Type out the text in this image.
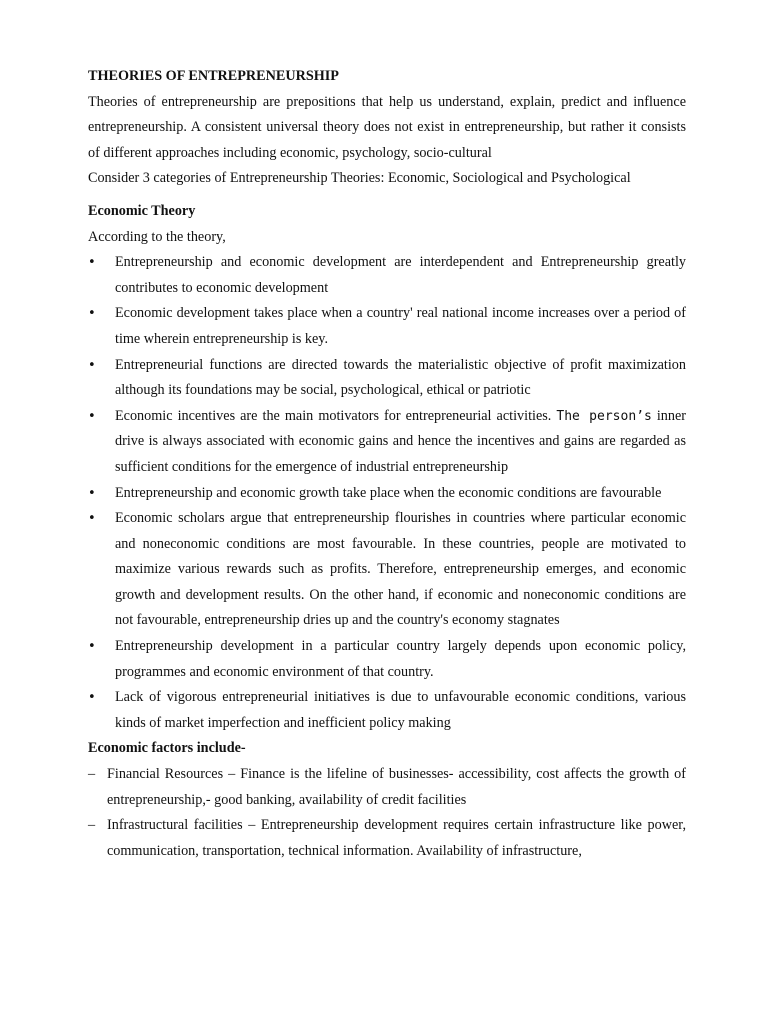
THEORIES OF ENTREPRENEURSHIP
Theories of entrepreneurship are prepositions that help us understand, explain, predict and influence entrepreneurship. A consistent universal theory does not exist in entrepreneurship, but rather it consists of different approaches including economic, psychology, socio-cultural
Consider 3 categories of Entrepreneurship Theories: Economic, Sociological and Psychological
Economic Theory
According to the theory,
• Entrepreneurship and economic development are interdependent and Entrepreneurship greatly contributes to economic development
• Economic development takes place when a country' real national income increases over a period of time wherein entrepreneurship is key.
• Entrepreneurial functions are directed towards the materialistic objective of profit maximization although its foundations may be social, psychological, ethical or patriotic
• Economic incentives are the main motivators for entrepreneurial activities. The person’s inner drive is always associated with economic gains and hence the incentives and gains are regarded as sufficient conditions for the emergence of industrial entrepreneurship
• Entrepreneurship and economic growth take place when the economic conditions are favourable
• Economic scholars argue that entrepreneurship flourishes in countries where particular economic and noneconomic conditions are most favourable. In these countries, people are motivated to maximize various rewards such as profits. Therefore, entrepreneurship emerges, and economic growth and development results. On the other hand, if economic and noneconomic conditions are not favourable, entrepreneurship dries up and the country's economy stagnates
• Entrepreneurship development in a particular country largely depends upon economic policy, programmes and economic environment of that country.
• Lack of vigorous entrepreneurial initiatives is due to unfavourable economic conditions, various kinds of market imperfection and inefficient policy making
Economic factors include-
– Financial Resources – Finance is the lifeline of businesses- accessibility, cost affects the growth of entrepreneurship,- good banking, availability of credit facilities
– Infrastructural facilities – Entrepreneurship development requires certain infrastructure like power, communication, transportation, technical information. Availability of infrastructure,
